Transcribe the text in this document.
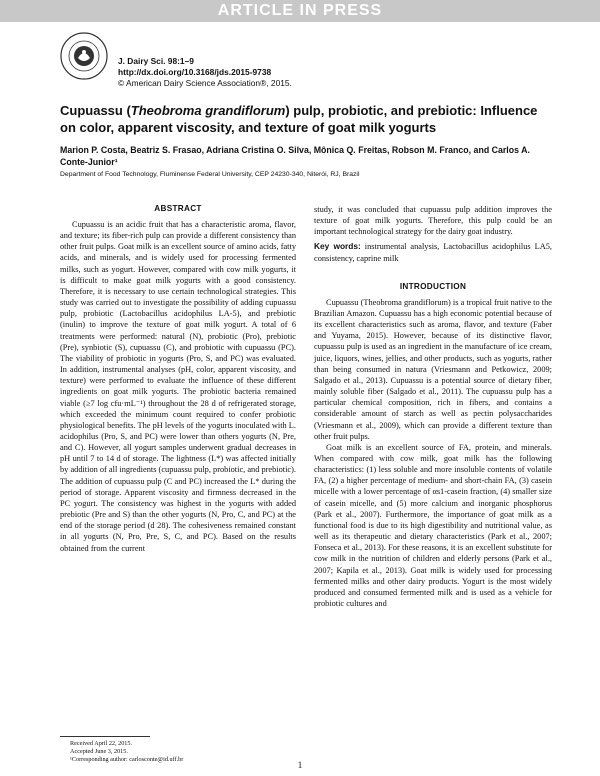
ARTICLE IN PRESS
J. Dairy Sci. 98:1–9
http://dx.doi.org/10.3168/jds.2015-9738
© American Dairy Science Association®, 2015.
Cupuassu (Theobroma grandiflorum) pulp, probiotic, and prebiotic: Influence on color, apparent viscosity, and texture of goat milk yogurts
Marion P. Costa, Beatriz S. Frasao, Adriana Cristina O. Silva, Mônica Q. Freitas, Robson M. Franco, and Carlos A. Conte-Junior¹
Department of Food Technology, Fluminense Federal University, CEP 24230-340, Niterói, RJ, Brazil
ABSTRACT

Cupuassu is an acidic fruit that has a characteristic aroma, flavor, and texture; its fiber-rich pulp can provide a different consistency than other fruit pulps. Goat milk is an excellent source of amino acids, fatty acids, and minerals, and is widely used for processing fermented milks, such as yogurt. However, compared with cow milk yogurts, it is difficult to make goat milk yogurts with a good consistency. Therefore, it is necessary to use certain technological strategies. This study was carried out to investigate the possibility of adding cupuassu pulp, probiotic (Lactobacillus acidophilus LA-5), and prebiotic (inulin) to improve the texture of goat milk yogurt. A total of 6 treatments were performed: natural (N), probiotic (Pro), prebiotic (Pre), synbiotic (S), cupuassu (C), and probiotic with cupuassu (PC). The viability of probiotic in yogurts (Pro, S, and PC) was evaluated. In addition, instrumental analyses (pH, color, apparent viscosity, and texture) were performed to evaluate the influence of these different ingredients on goat milk yogurts. The probiotic bacteria remained viable (≥7 log cfu·mL⁻¹) throughout the 28 d of refrigerated storage, which exceeded the minimum count required to confer probiotic physiological benefits. The pH levels of the yogurts inoculated with L. acidophilus (Pro, S, and PC) were lower than others yogurts (N, Pre, and C). However, all yogurt samples underwent gradual decreases in pH until 7 to 14 d of storage. The lightness (L*) was affected initially by addition of all ingredients (cupuassu pulp, probiotic, and prebiotic). The addition of cupuassu pulp (C and PC) increased the L* during the period of storage. Apparent viscosity and firmness decreased in the PC yogurt. The consistency was highest in the yogurts with added prebiotic (Pre and S) than the other yogurts (N, Pro, C, and PC) at the end of the storage period (d 28). The cohesiveness remained constant in all yogurts (N, Pro, Pre, S, C, and PC). Based on the results obtained from the current

study, it was concluded that cupuassu pulp addition improves the texture of goat milk yogurts. Therefore, this pulp could be an important technological strategy for the dairy goat industry.

Key words: instrumental analysis, Lactobacillus acidophilus LA5, consistency, caprine milk

INTRODUCTION

Cupuassu (Theobroma grandiflorum) is a tropical fruit native to the Brazilian Amazon. Cupuassu has a high economic potential because of its excellent characteristics such as aroma, flavor, and texture (Faber and Yuyama, 2015). However, because of its distinctive flavor, cupuassu pulp is used as an ingredient in the manufacture of ice cream, juice, liquors, wines, jellies, and other products, such as yogurts, rather than being consumed in natura (Vriesmann and Petkowicz, 2009; Salgado et al., 2013). Cupuassu is a potential source of dietary fiber, mainly soluble fiber (Salgado et al., 2011). The cupuassu pulp has a particular chemical composition, rich in fibers, and contains a considerable amount of starch as well as pectin polysaccharides (Vriesmann et al., 2009), which can provide a different texture than other fruit pulps.

Goat milk is an excellent source of FA, protein, and minerals. When compared with cow milk, goat milk has the following characteristics: (1) less soluble and more insoluble contents of volatile FA, (2) a higher percentage of medium- and short-chain FA, (3) casein micelle with a lower percentage of αs1-casein fraction, (4) smaller size of casein micelle, and (5) more calcium and inorganic phosphorus (Park et al., 2007). Furthermore, the importance of goat milk as a functional food is due to its high digestibility and nutritional value, as well as its therapeutic and dietary characteristics (Park et al., 2007; Fonseca et al., 2013). For these reasons, it is an excellent substitute for cow milk in the nutrition of children and elderly persons (Park et al., 2007; Kapila et al., 2013). Goat milk is widely used for processing fermented milks and other dairy products. Yogurt is the most widely produced and consumed fermented milk and is used as a vehicle for probiotic cultures and

Received April 22, 2015.
Accepted June 3, 2015.
¹Corresponding author: carlosconte@id.uff.br
1
